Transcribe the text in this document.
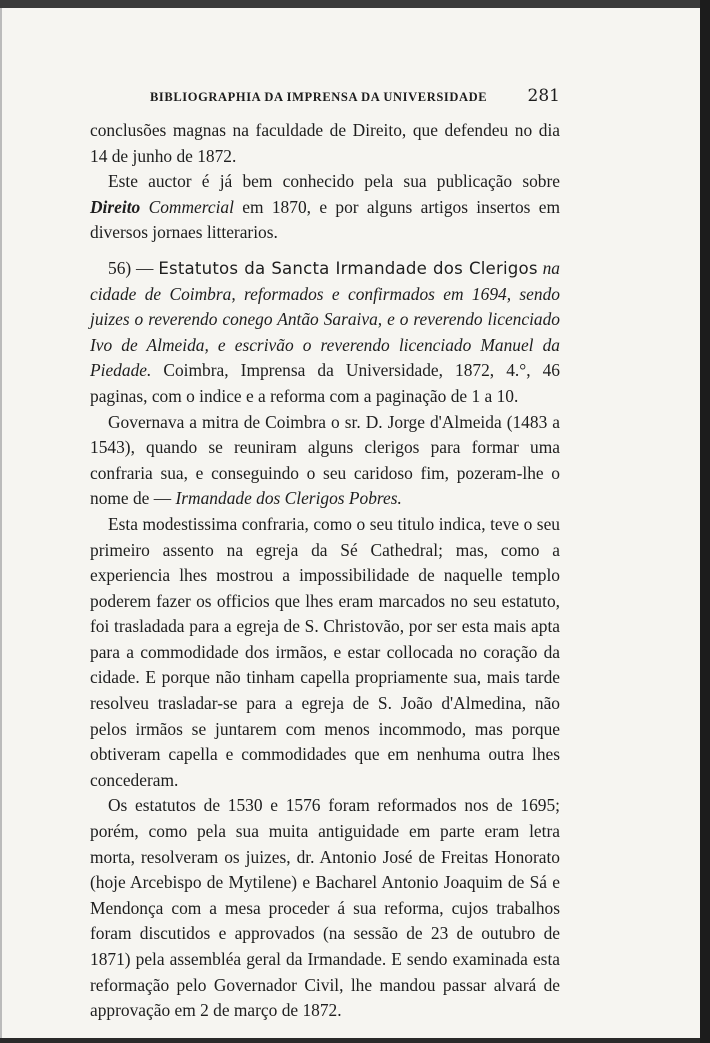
BIBLIOGRAPHIA DA IMPRENSA DA UNIVERSIDADE 281

conclusões magnas na faculdade de Direito, que defendeu no dia 14 de junho de 1872.

Este auctor é já bem conhecido pela sua publicação sobre Direito Commercial em 1870, e por alguns artigos insertos em diversos jornaes litterarios.

56) — Estatutos da Sancta Irmandade dos Clerigos na cidade de Coimbra, reformados e confirmados em 1694, sendo juizes o reverendo conego Antão Saraiva, e o reverendo licenciado Ivo de Almeida, e escrivão o reverendo licenciado Manuel da Piedade. Coimbra, Imprensa da Universidade, 1872, 4.°, 46 paginas, com o indice e a reforma com a paginação de 1 a 10.

Governava a mitra de Coimbra o sr. D. Jorge d'Almeida (1483 a 1543), quando se reuniram alguns clerigos para formar uma confraria sua, e conseguindo o seu caridoso fim, pozeram-lhe o nome de — Irmandade dos Clerigos Pobres.

Esta modestissima confraria, como o seu titulo indica, teve o seu primeiro assento na egreja da Sé Cathedral; mas, como a experiencia lhes mostrou a impossibilidade de naquelle templo poderem fazer os officios que lhes eram marcados no seu estatuto, foi trasladada para a egreja de S. Christovão, por ser esta mais apta para a commodidade dos irmãos, e estar collocada no coração da cidade. E porque não tinham capella propriamente sua, mais tarde resolveu trasladar-se para a egreja de S. João d'Almedina, não pelos irmãos se juntarem com menos incommodo, mas porque obtiveram capella e commodidades que em nenhuma outra lhes concederam.

Os estatutos de 1530 e 1576 foram reformados nos de 1695; porém, como pela sua muita antiguidade em parte eram letra morta, resolveram os juizes, dr. Antonio José de Freitas Honorato (hoje Arcebispo de Mytilene) e Bacharel Antonio Joaquim de Sá e Mendonça com a mesa proceder á sua reforma, cujos trabalhos foram discutidos e approvados (na sessão de 23 de outubro de 1871) pela assembléa geral da Irmandade. E sendo examinada esta reformação pelo Governador Civil, lhe mandou passar alvará de approvação em 2 de março de 1872.
